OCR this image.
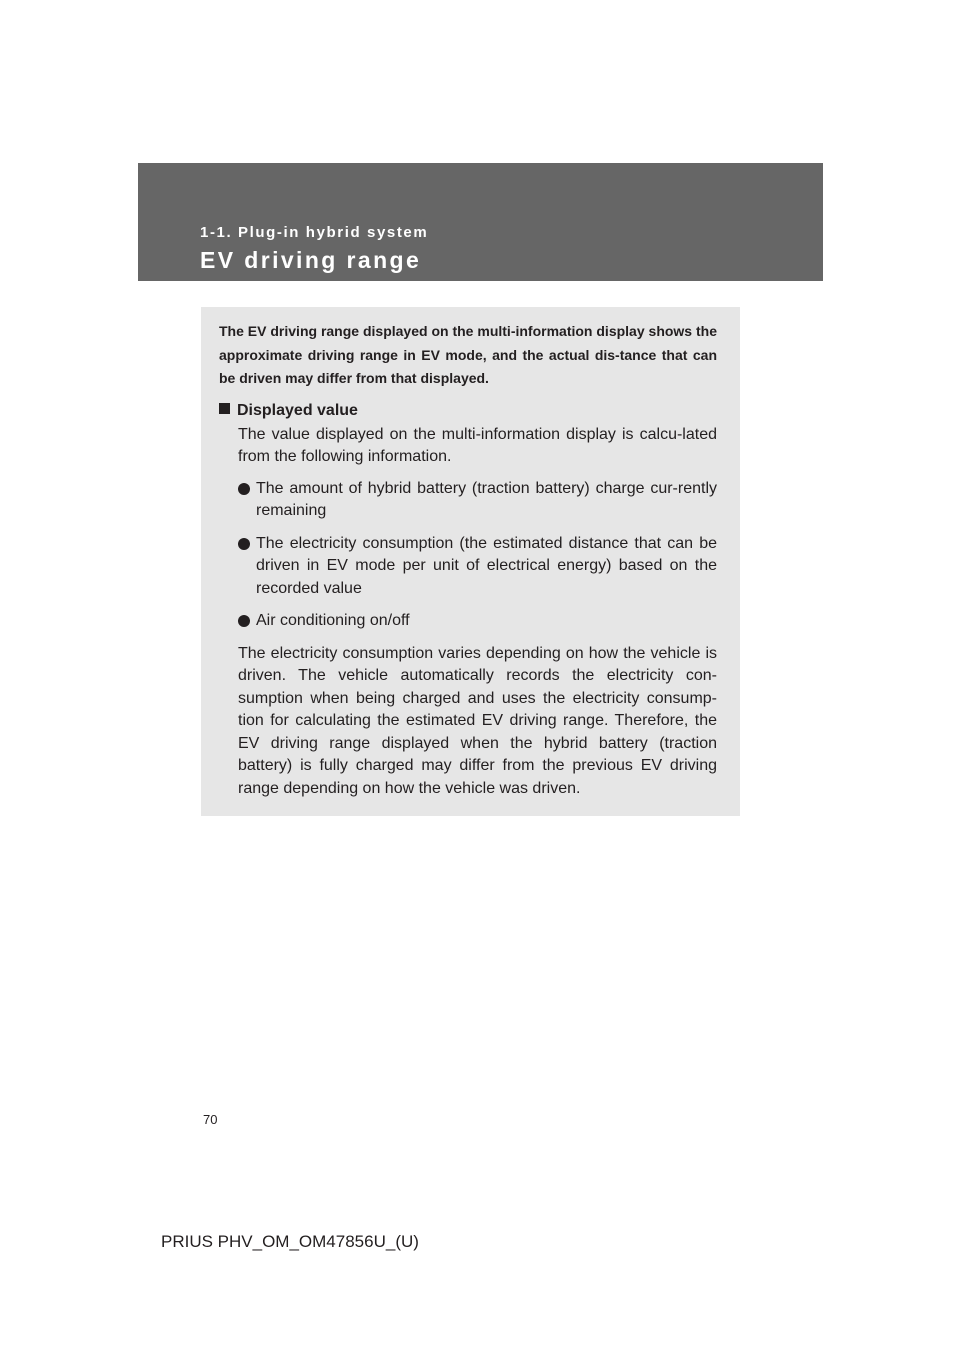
1-1. Plug-in hybrid system
EV driving range

The EV driving range displayed on the multi-information display shows the approximate driving range in EV mode, and the actual dis-tance that can be driven may differ from that displayed.

Displayed value

The value displayed on the multi-information display is calcu-lated from the following information.

The amount of hybrid battery (traction battery) charge cur-rently remaining
The electricity consumption (the estimated distance that can be driven in EV mode per unit of electrical energy) based on the recorded value
Air conditioning on/off

The electricity consumption varies depending on how the vehicle is driven. The vehicle automatically records the electricity con-sumption when being charged and uses the electricity consump-tion for calculating the estimated EV driving range. Therefore, the EV driving range displayed when the hybrid battery (traction battery) is fully charged may differ from the previous EV driving range depending on how the vehicle was driven.

70
PRIUS PHV_OM_OM47856U_(U)
